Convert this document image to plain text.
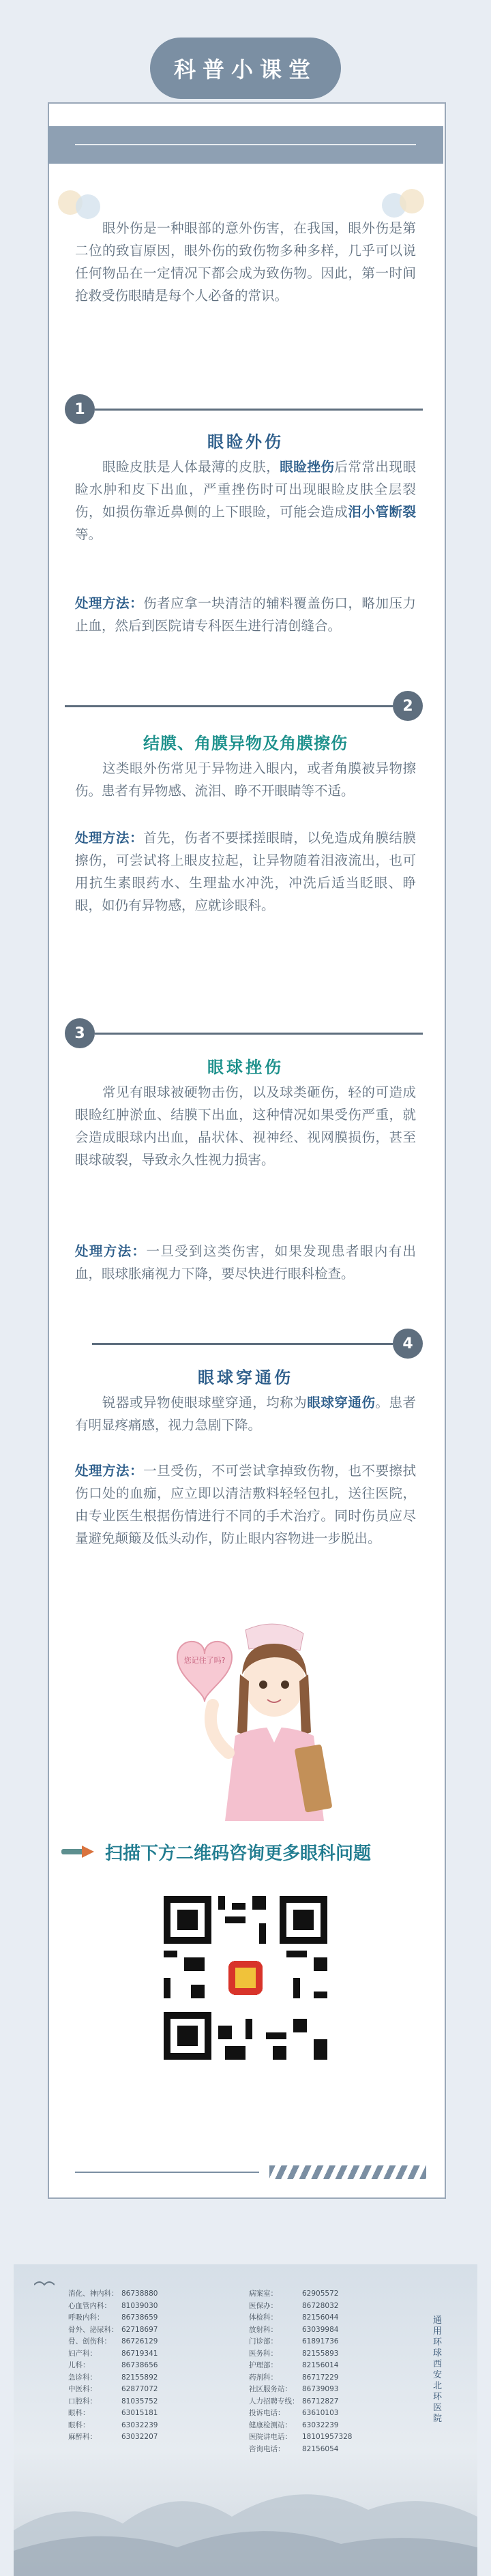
科普小课堂
眼外伤是一种眼部的意外伤害，在我国，眼外伤是第二位的致盲原因，眼外伤的致伤物多种多样，几乎可以说任何物品在一定情况下都会成为致伤物。因此，第一时间抢救受伤眼睛是每个人必备的常识。
1
眼睑外伤
眼睑皮肤是人体最薄的皮肤，眼睑挫伤后常常出现眼睑水肿和皮下出血，严重挫伤时可出现眼睑皮肤全层裂伤，如损伤靠近鼻侧的上下眼睑，可能会造成泪小管断裂等。
处理方法：伤者应拿一块清洁的辅料覆盖伤口，略加压力止血，然后到医院请专科医生进行清创缝合。
2
结膜、角膜异物及角膜擦伤
这类眼外伤常见于异物进入眼内，或者角膜被异物擦伤。患者有异物感、流泪、睁不开眼睛等不适。
处理方法：首先，伤者不要揉搓眼睛，以免造成角膜结膜擦伤，可尝试将上眼皮拉起，让异物随着泪液流出，也可用抗生素眼药水、生理盐水冲洗，冲洗后适当眨眼、睁眼，如仍有异物感，应就诊眼科。
3
眼球挫伤
常见有眼球被硬物击伤，以及球类砸伤，轻的可造成眼睑红肿淤血、结膜下出血，这种情况如果受伤严重，就会造成眼球内出血，晶状体、视神经、视网膜损伤，甚至眼球破裂，导致永久性视力损害。
处理方法：一旦受到这类伤害，如果发现患者眼内有出血，眼球胀痛视力下降，要尽快进行眼科检查。
4
眼球穿通伤
锐器或异物使眼球壁穿通，均称为眼球穿通伤。患者有明显疼痛感，视力急剧下降。
处理方法：一旦受伤，不可尝试拿掉致伤物，也不要擦拭伤口处的血痂，应立即以清洁敷料轻轻包扎，送往医院，由专业医生根据伤情进行不同的手术治疗。同时伤员应尽量避免颠簸及低头动作，防止眼内容物进一步脱出。
您记住了吗?
扫描下方二维码咨询更多眼科问题
消化、神内科： 86738880
心血管内科： 81039030
呼吸内科： 86738659
骨外、泌尿科： 62718697
骨、创伤科： 86726129
妇产科：	86719341
儿科：	86738656
急诊科：	82155892
中医科：	62877072
口腔科：	81035752
眼科：	63015181
眼科：	63032239
麻醉科：	63032207
病案室：	62905572
医保办：	86728032
体检科：	82156044
放射科：	63039984
门诊部：	61891736
医务科：	82155893
护理部：	82156014
药剂科：	86717229
社区服务站： 86739093
人力招聘专线： 86712827
投诉电话： 63610103
健康检测站： 63032239
医院讲电话： 18101957328
咨询电话： 82156054
通用环球西安北环医院
